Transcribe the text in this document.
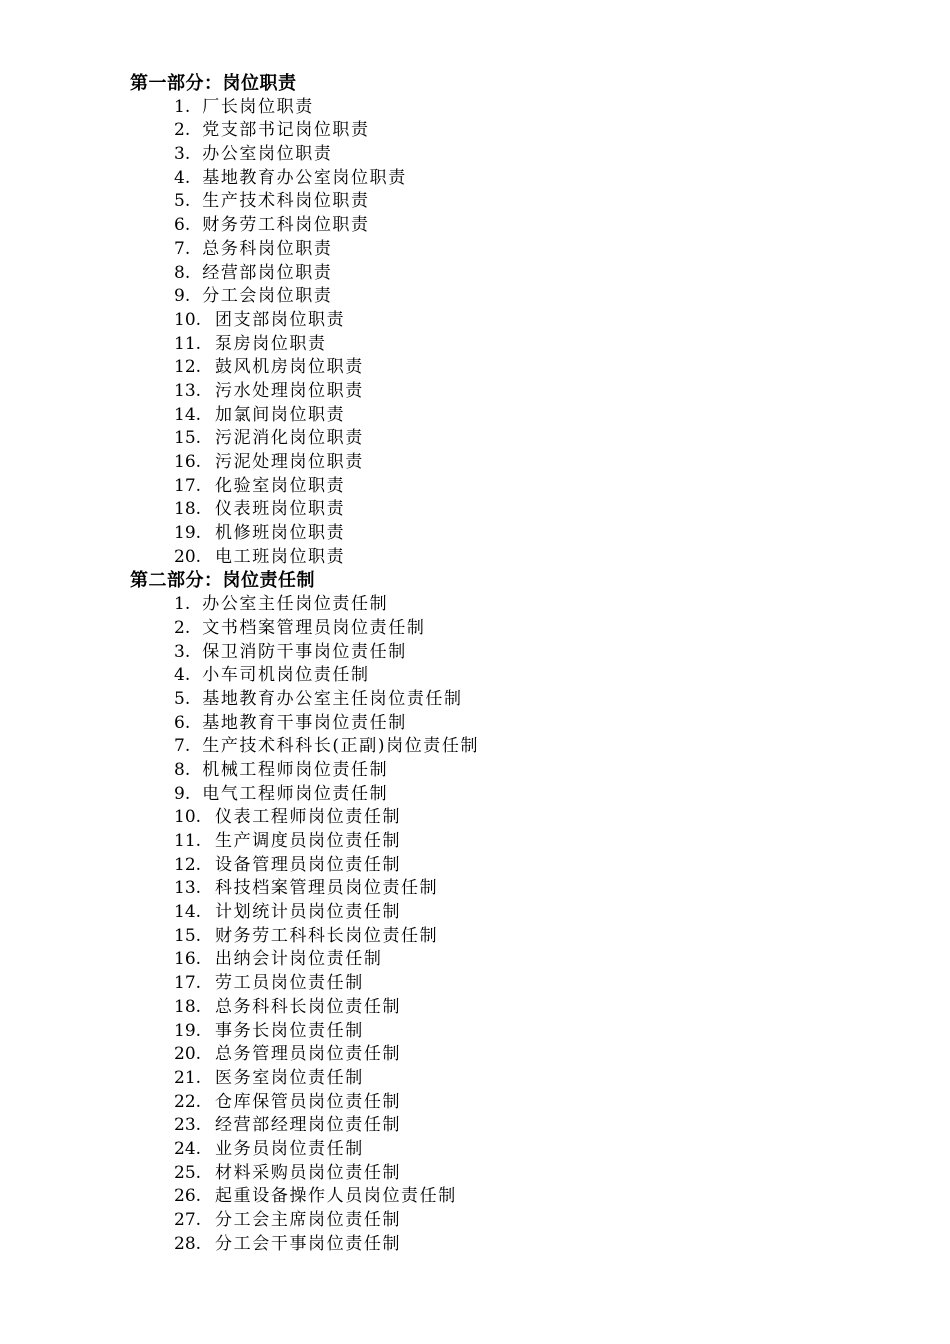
第一部分：岗位职责
1. 厂长岗位职责
2. 党支部书记岗位职责
3. 办公室岗位职责
4. 基地教育办公室岗位职责
5. 生产技术科岗位职责
6. 财务劳工科岗位职责
7. 总务科岗位职责
8. 经营部岗位职责
9. 分工会岗位职责
10. 团支部岗位职责
11. 泵房岗位职责
12. 鼓风机房岗位职责
13. 污水处理岗位职责
14. 加氯间岗位职责
15. 污泥消化岗位职责
16. 污泥处理岗位职责
17. 化验室岗位职责
18. 仪表班岗位职责
19. 机修班岗位职责
20. 电工班岗位职责
第二部分：岗位责任制
1. 办公室主任岗位责任制
2. 文书档案管理员岗位责任制
3. 保卫消防干事岗位责任制
4. 小车司机岗位责任制
5. 基地教育办公室主任岗位责任制
6. 基地教育干事岗位责任制
7. 生产技术科科长(正副)岗位责任制
8. 机械工程师岗位责任制
9. 电气工程师岗位责任制
10. 仪表工程师岗位责任制
11. 生产调度员岗位责任制
12. 设备管理员岗位责任制
13. 科技档案管理员岗位责任制
14. 计划统计员岗位责任制
15. 财务劳工科科长岗位责任制
16. 出纳会计岗位责任制
17. 劳工员岗位责任制
18. 总务科科长岗位责任制
19. 事务长岗位责任制
20. 总务管理员岗位责任制
21. 医务室岗位责任制
22. 仓库保管员岗位责任制
23. 经营部经理岗位责任制
24. 业务员岗位责任制
25. 材料采购员岗位责任制
26. 起重设备操作人员岗位责任制
27. 分工会主席岗位责任制
28. 分工会干事岗位责任制
